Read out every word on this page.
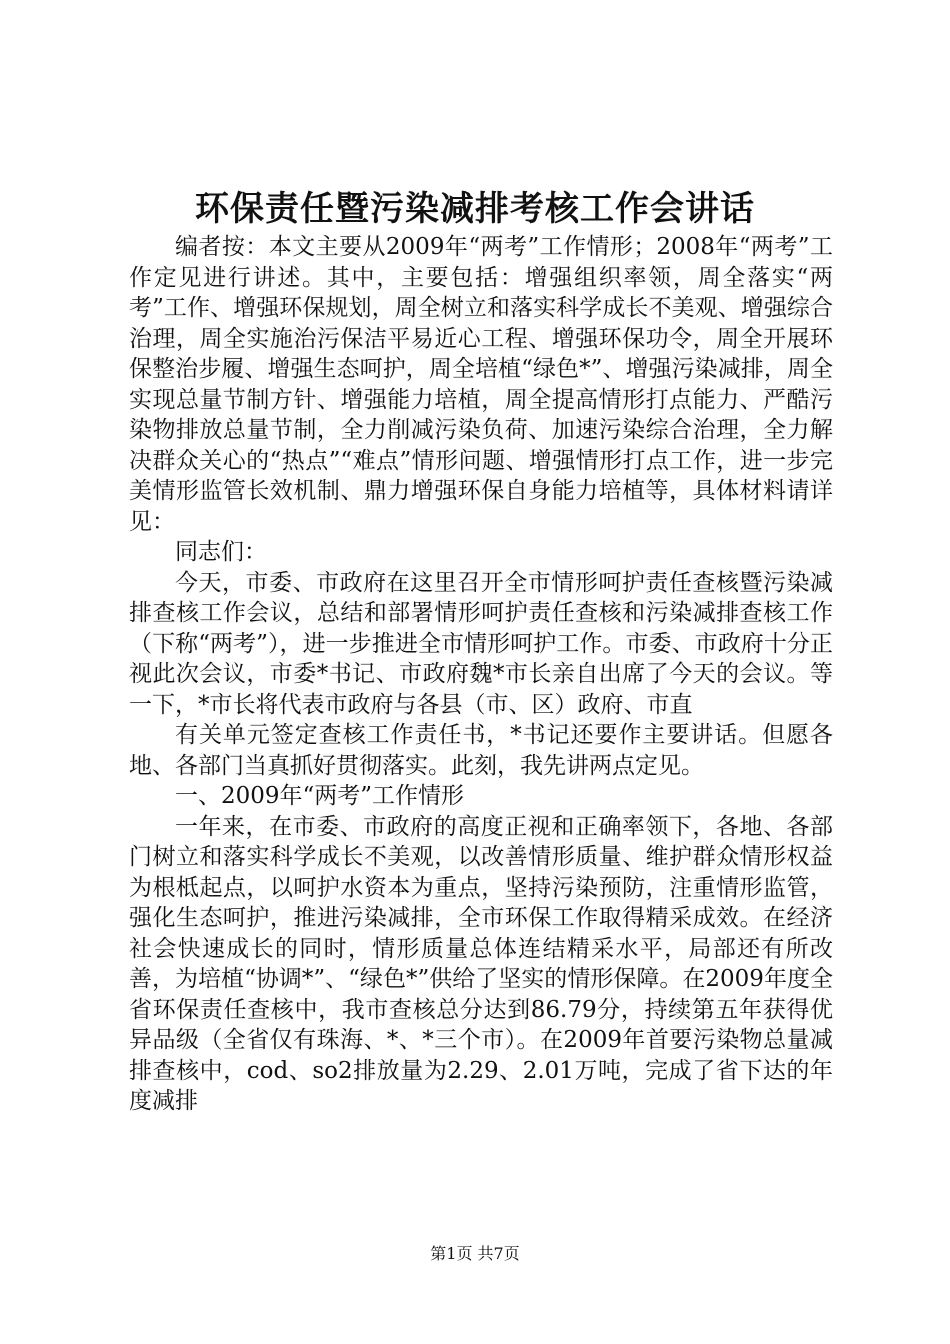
环保责任暨污染减排考核工作会讲话

编者按：本文主要从2009年“两考”工作情形；2008年“两考”工作定见进行讲述。其中，主要包括：增强组织率领，周全落实“两考”工作、增强环保规划，周全树立和落实科学成长不美观、增强综合治理，周全实施治污保洁平易近心工程、增强环保功令，周全开展环保整治步履、增强生态呵护，周全培植“绿色*”、增强污染减排，周全实现总量节制方针、增强能力培植，周全提高情形打点能力、严酷污染物排放总量节制，全力削减污染负荷、加速污染综合治理，全力解决群众关心的“热点”“难点”情形问题、增强情形打点工作，进一步完美情形监管长效机制、鼎力增强环保自身能力培植等，具体材料请详见：

同志们：

今天，市委、市政府在这里召开全市情形呵护责任查核暨污染减排查核工作会议，总结和部署情形呵护责任查核和污染减排查核工作（下称“两考”），进一步推进全市情形呵护工作。市委、市政府十分正视此次会议，市委*书记、市政府魏*市长亲自出席了今天的会议。等一下，*市长将代表市政府与各县（市、区）政府、市直

有关单元签定查核工作责任书，*书记还要作主要讲话。但愿各地、各部门当真抓好贯彻落实。此刻，我先讲两点定见。

一、2009年“两考”工作情形

一年来，在市委、市政府的高度正视和正确率领下，各地、各部门树立和落实科学成长不美观，以改善情形质量、维护群众情形权益为根柢起点，以呵护水资本为重点，坚持污染预防，注重情形监管，强化生态呵护，推进污染减排，全市环保工作取得精采成效。在经济社会快速成长的同时，情形质量总体连结精采水平，局部还有所改善，为培植“协调*”、“绿色*”供给了坚实的情形保障。在2009年度全省环保责任查核中，我市查核总分达到86.79分，持续第五年获得优异品级（全省仅有珠海、*、*三个市）。在2009年首要污染物总量减排查核中，cod、so2排放量为2.29、2.01万吨，完成了省下达的年度减排

第1页 共7页
